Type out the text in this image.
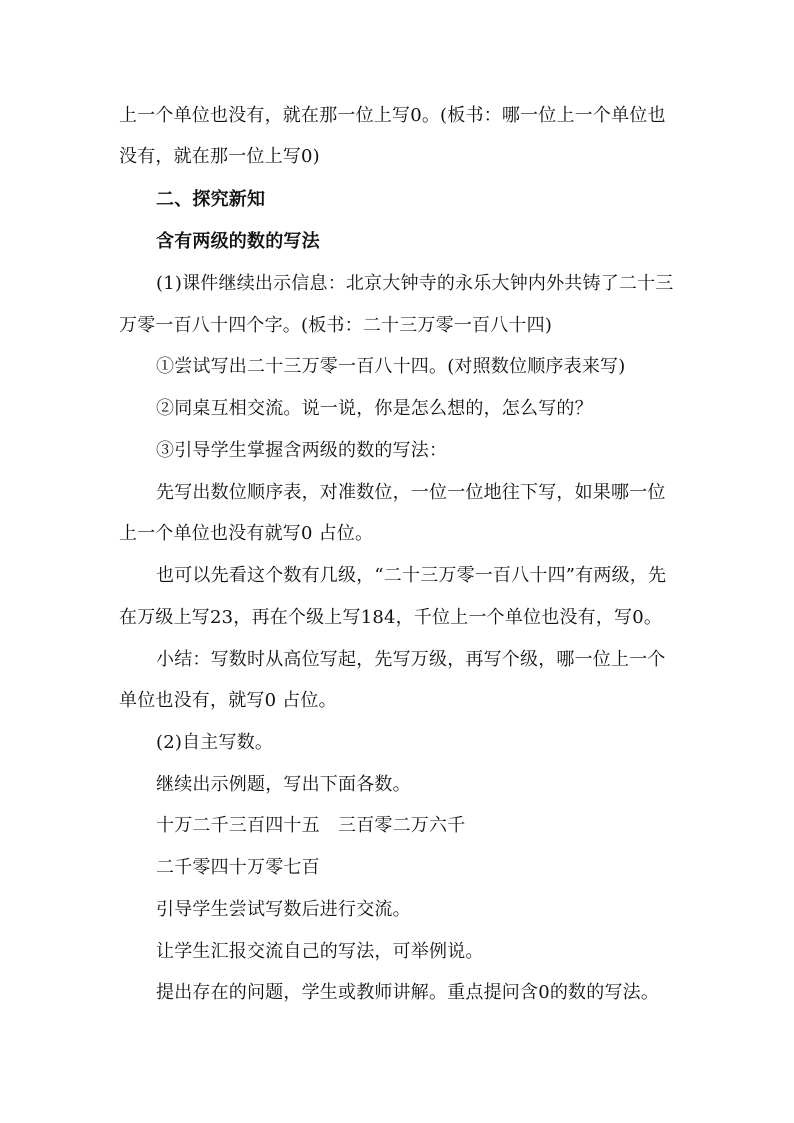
上一个单位也没有，就在那一位上写0。(板书：哪一位上一个单位也
没有，就在那一位上写0)
二、探究新知
含有两级的数的写法
(1)课件继续出示信息：北京大钟寺的永乐大钟内外共铸了二十三
万零一百八十四个字。(板书：二十三万零一百八十四)
①尝试写出二十三万零一百八十四。(对照数位顺序表来写)
②同桌互相交流。说一说，你是怎么想的，怎么写的？
③引导学生掌握含两级的数的写法：
先写出数位顺序表，对准数位，一位一位地往下写，如果哪一位
上一个单位也没有就写0 占位。
也可以先看这个数有几级，“二十三万零一百八十四”有两级，先
在万级上写23，再在个级上写184，千位上一个单位也没有，写0。
小结：写数时从高位写起，先写万级，再写个级，哪一位上一个
单位也没有，就写0 占位。
(2)自主写数。
继续出示例题，写出下面各数。
十万二千三百四十五　三百零二万六千
二千零四十万零七百
引导学生尝试写数后进行交流。
让学生汇报交流自己的写法，可举例说。
提出存在的问题，学生或教师讲解。重点提问含0的数的写法。
